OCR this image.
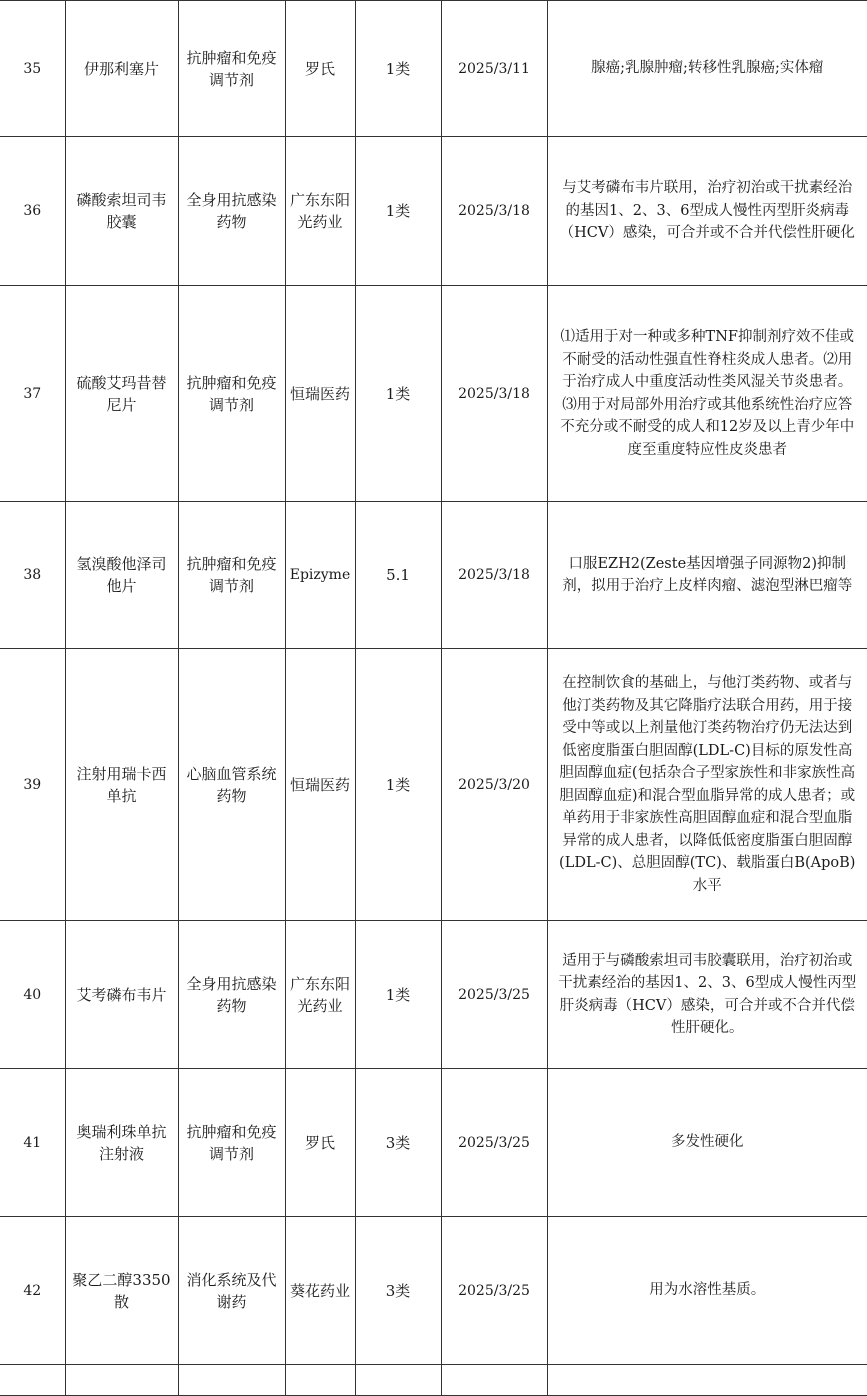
35	伊那利塞片	抗肿瘤和免疫调节剂	罗氏	1类	2025/3/11	腺癌;乳腺肿瘤;转移性乳腺癌;实体瘤
36	磷酸索坦司韦胶囊	全身用抗感染药物	广东东阳光药业	1类	2025/3/18	与艾考磷布韦片联用，治疗初治或干扰素经治的基因1、2、3、6型成人慢性丙型肝炎病毒（HCV）感染，可合并或不合并代偿性肝硬化
37	硫酸艾玛昔替尼片	抗肿瘤和免疫调节剂	恒瑞医药	1类	2025/3/18	⑴适用于对一种或多种TNF抑制剂疗效不佳或不耐受的活动性强直性脊柱炎成人患者。⑵用于治疗成人中重度活动性类风湿关节炎患者。⑶用于对局部外用治疗或其他系统性治疗应答不充分或不耐受的成人和12岁及以上青少年中度至重度特应性皮炎患者
38	氢溴酸他泽司他片	抗肿瘤和免疫调节剂	Epizyme	5.1	2025/3/18	口服EZH2(Zeste基因增强子同源物2)抑制剂，拟用于治疗上皮样肉瘤、滤泡型淋巴瘤等
39	注射用瑞卡西单抗	心脑血管系统药物	恒瑞医药	1类	2025/3/20	在控制饮食的基础上，与他汀类药物、或者与他汀类药物及其它降脂疗法联合用药，用于接受中等或以上剂量他汀类药物治疗仍无法达到低密度脂蛋白胆固醇(LDL-C)目标的原发性高胆固醇血症(包括杂合子型家族性和非家族性高胆固醇血症)和混合型血脂异常的成人患者；或单药用于非家族性高胆固醇血症和混合型血脂异常的成人患者，以降低低密度脂蛋白胆固醇(LDL-C)、总胆固醇(TC)、载脂蛋白B(ApoB)水平
40	艾考磷布韦片	全身用抗感染药物	广东东阳光药业	1类	2025/3/25	适用于与磷酸索坦司韦胶囊联用，治疗初治或干扰素经治的基因1、2、3、6型成人慢性丙型肝炎病毒（HCV）感染，可合并或不合并代偿性肝硬化。
41	奥瑞利珠单抗注射液	抗肿瘤和免疫调节剂	罗氏	3类	2025/3/25	多发性硬化
42	聚乙二醇3350散	消化系统及代谢药	葵花药业	3类	2025/3/25	用为水溶性基质。
